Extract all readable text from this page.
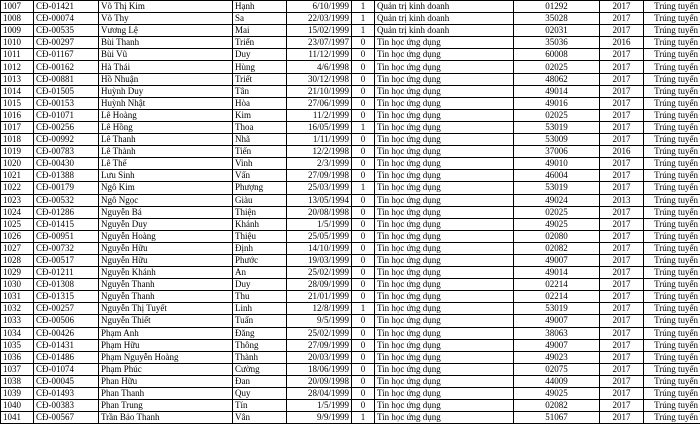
1007	CĐ-01421	Võ Thị Kim	Hạnh	6/10/1999	1	Quản trị kinh doanh	01292	2017	Trúng tuyển
1008	CĐ-00074	Võ Thy	Sa	22/03/1999	1	Quản trị kinh doanh	35028	2017	Trúng tuyển
1009	CĐ-00535	Vương Lệ	Mai	15/02/1999	1	Quản trị kinh doanh	02031	2017	Trúng tuyển
1010	CĐ-00297	Bùi Thanh	Triển	23/07/1997	0	Tin học ứng dụng	35036	2016	Trúng tuyển
1011	CĐ-01167	Bùi Vũ	Duy	11/12/1999	0	Tin học ứng dụng	60008	2017	Trúng tuyển
1012	CĐ-00162	Hà Thái	Hùng	4/6/1998	0	Tin học ứng dụng	02025	2017	Trúng tuyển
1013	CĐ-00881	Hồ Nhuận	Triết	30/12/1998	0	Tin học ứng dụng	48062	2017	Trúng tuyển
1014	CĐ-01505	Huỳnh Duy	Tân	21/10/1999	0	Tin học ứng dụng	49014	2017	Trúng tuyển
1015	CĐ-00153	Huỳnh Nhật	Hòa	27/06/1999	0	Tin học ứng dụng	49016	2017	Trúng tuyển
1016	CĐ-01071	Lê Hoàng	Kim	11/2/1999	0	Tin học ứng dụng	02025	2017	Trúng tuyển
1017	CĐ-00256	Lê Hồng	Thoa	16/05/1999	1	Tin học ứng dụng	53019	2017	Trúng tuyển
1018	CĐ-00992	Lê Thanh	Nhã	1/11/1999	0	Tin học ứng dụng	53009	2017	Trúng tuyển
1019	CĐ-00783	Lê Thành	Tiến	12/2/1998	0	Tin học ứng dụng	37006	2016	Trúng tuyển
1020	CĐ-00430	Lê Thế	Vinh	2/3/1999	0	Tin học ứng dụng	49010	2017	Trúng tuyển
1021	CĐ-01388	Lưu Sinh	Vấn	27/09/1998	0	Tin học ứng dụng	46004	2017	Trúng tuyển
1022	CĐ-00179	Ngô Kim	Phượng	25/03/1999	1	Tin học ứng dụng	53019	2017	Trúng tuyển
1023	CĐ-00532	Ngô Ngọc	Giàu	13/05/1994	0	Tin học ứng dụng	49024	2013	Trúng tuyển
1024	CĐ-01286	Nguyễn Bá	Thiện	20/08/1998	0	Tin học ứng dụng	02025	2017	Trúng tuyển
1025	CĐ-01415	Nguyễn Duy	Khánh	1/5/1999	0	Tin học ứng dụng	49025	2017	Trúng tuyển
1026	CĐ-00951	Nguyễn Hoàng	Thiệu	25/05/1999	0	Tin học ứng dụng	02080	2017	Trúng tuyển
1027	CĐ-00732	Nguyễn Hữu	Định	14/10/1999	0	Tin học ứng dụng	02082	2017	Trúng tuyển
1028	CĐ-00517	Nguyễn Hữu	Phước	19/03/1999	0	Tin học ứng dụng	49007	2017	Trúng tuyển
1029	CĐ-01211	Nguyễn Khánh	An	25/02/1999	0	Tin học ứng dụng	49014	2017	Trúng tuyển
1030	CĐ-01308	Nguyễn Thanh	Duy	28/09/1999	0	Tin học ứng dụng	02214	2017	Trúng tuyển
1031	CĐ-01315	Nguyễn Thanh	Thu	21/01/1999	0	Tin học ứng dụng	02214	2017	Trúng tuyển
1032	CĐ-00257	Nguyễn Thị Tuyết	Linh	12/8/1999	1	Tin học ứng dụng	53019	2017	Trúng tuyển
1033	CĐ-00506	Nguyễn Thiết	Tuấn	9/5/1999	0	Tin học ứng dụng	49007	2017	Trúng tuyển
1034	CĐ-00426	Phạm Anh	Đăng	25/02/1999	0	Tin học ứng dụng	38063	2017	Trúng tuyển
1035	CĐ-01431	Phạm Hữu	Thông	27/09/1999	0	Tin học ứng dụng	49007	2017	Trúng tuyển
1036	CĐ-01486	Phạm Nguyễn Hoàng	Thành	20/03/1999	0	Tin học ứng dụng	49023	2017	Trúng tuyển
1037	CĐ-01074	Phạm Phúc	Cường	18/06/1999	0	Tin học ứng dụng	02075	2017	Trúng tuyển
1038	CĐ-00045	Phan Hữu	Đan	20/09/1998	0	Tin học ứng dụng	44009	2017	Trúng tuyển
1039	CĐ-01493	Phan Thanh	Quy	28/04/1999	0	Tin học ứng dụng	49025	2017	Trúng tuyển
1040	CĐ-00383	Phan Trung	Tín	1/5/1999	0	Tin học ứng dụng	02082	2017	Trúng tuyển
1041	CĐ-00567	Trần Bảo Thanh	Vân	9/9/1999	1	Tin học ứng dụng	51067	2017	Trúng tuyển
